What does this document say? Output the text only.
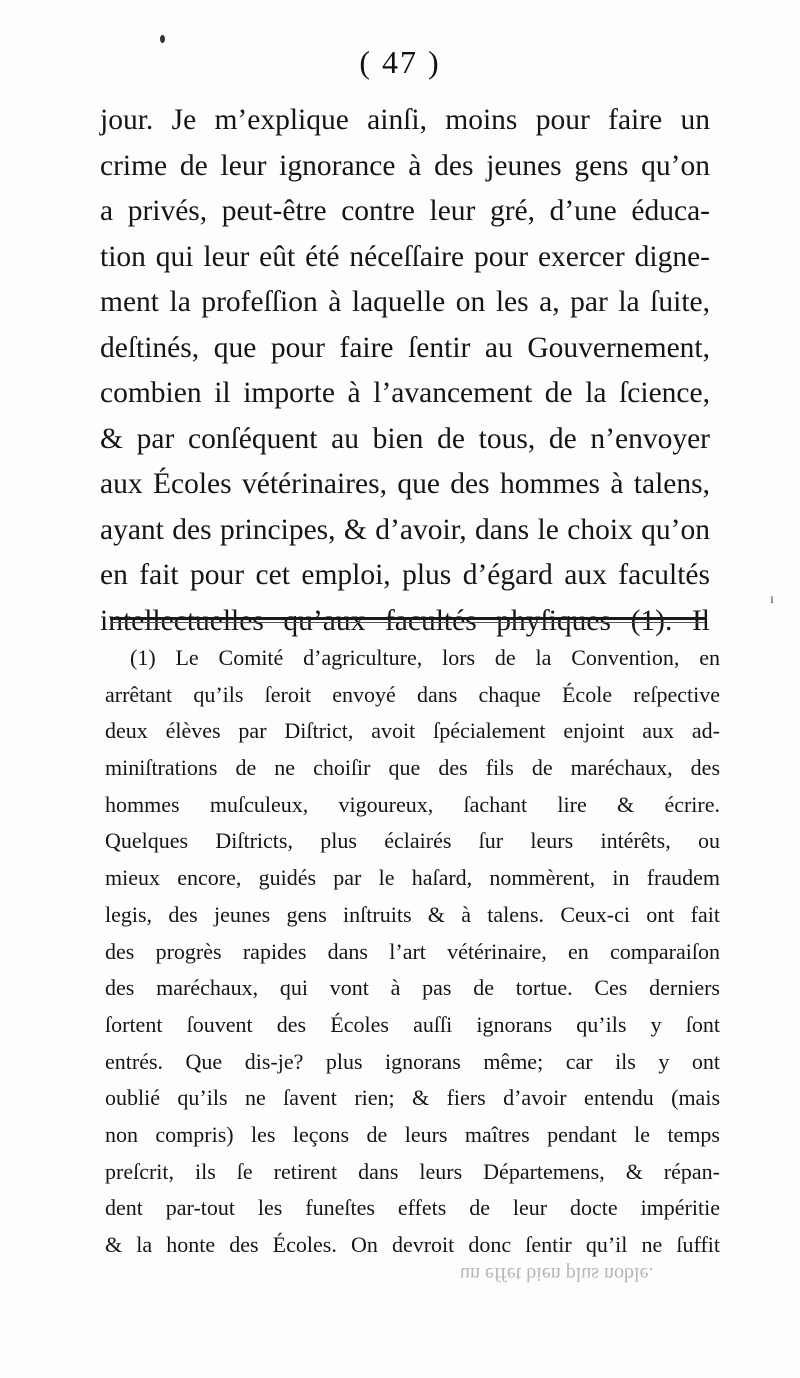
( 47 )
jour. Je m’explique ainſi, moins pour faire un
crime de leur ignorance à des jeunes gens qu’on
a privés, peut-être contre leur gré, d’une éduca-
tion qui leur eût été néceſſaire pour exercer digne-
ment la profeſſion à laquelle on les a, par la ſuite,
deſtinés, que pour faire ſentir au Gouvernement,
combien il importe à l’avancement de la ſcience,
& par conſéquent au bien de tous, de n’envoyer
aux Écoles vétérinaires, que des hommes à talens,
ayant des principes, & d’avoir, dans le choix qu’on
en fait pour cet emploi, plus d’égard aux facultés
intellectuelles qu’aux facultés phyſiques (1). Il
(1) Le Comité d’agriculture, lors de la Convention, en
arrêtant qu’ils ſeroit envoyé dans chaque École reſpective
deux élèves par Diſtrict, avoit ſpécialement enjoint aux ad-
miniſtrations de ne choiſir que des fils de maréchaux, des
hommes muſculeux, vigoureux, ſachant lire & écrire.
Quelques Diſtricts, plus éclairés ſur leurs intérêts, ou
mieux encore, guidés par le haſard, nommèrent, in fraudem
legis, des jeunes gens inſtruits & à talens. Ceux-ci ont fait
des progrès rapides dans l’art vétérinaire, en comparaiſon
des maréchaux, qui vont à pas de tortue. Ces derniers
ſortent ſouvent des Écoles auſſi ignorans qu’ils y ſont
entrés. Que dis-je? plus ignorans même; car ils y ont
oublié qu’ils ne ſavent rien; & fiers d’avoir entendu (mais
non compris) les leçons de leurs maîtres pendant le temps
preſcrit, ils ſe retirent dans leurs Départemens, & répan-
dent par-tout les funeſtes effets de leur docte impéritie
& la honte des Écoles. On devroit donc ſentir qu’il ne ſuffit
un effet bien plus noble.
ı
